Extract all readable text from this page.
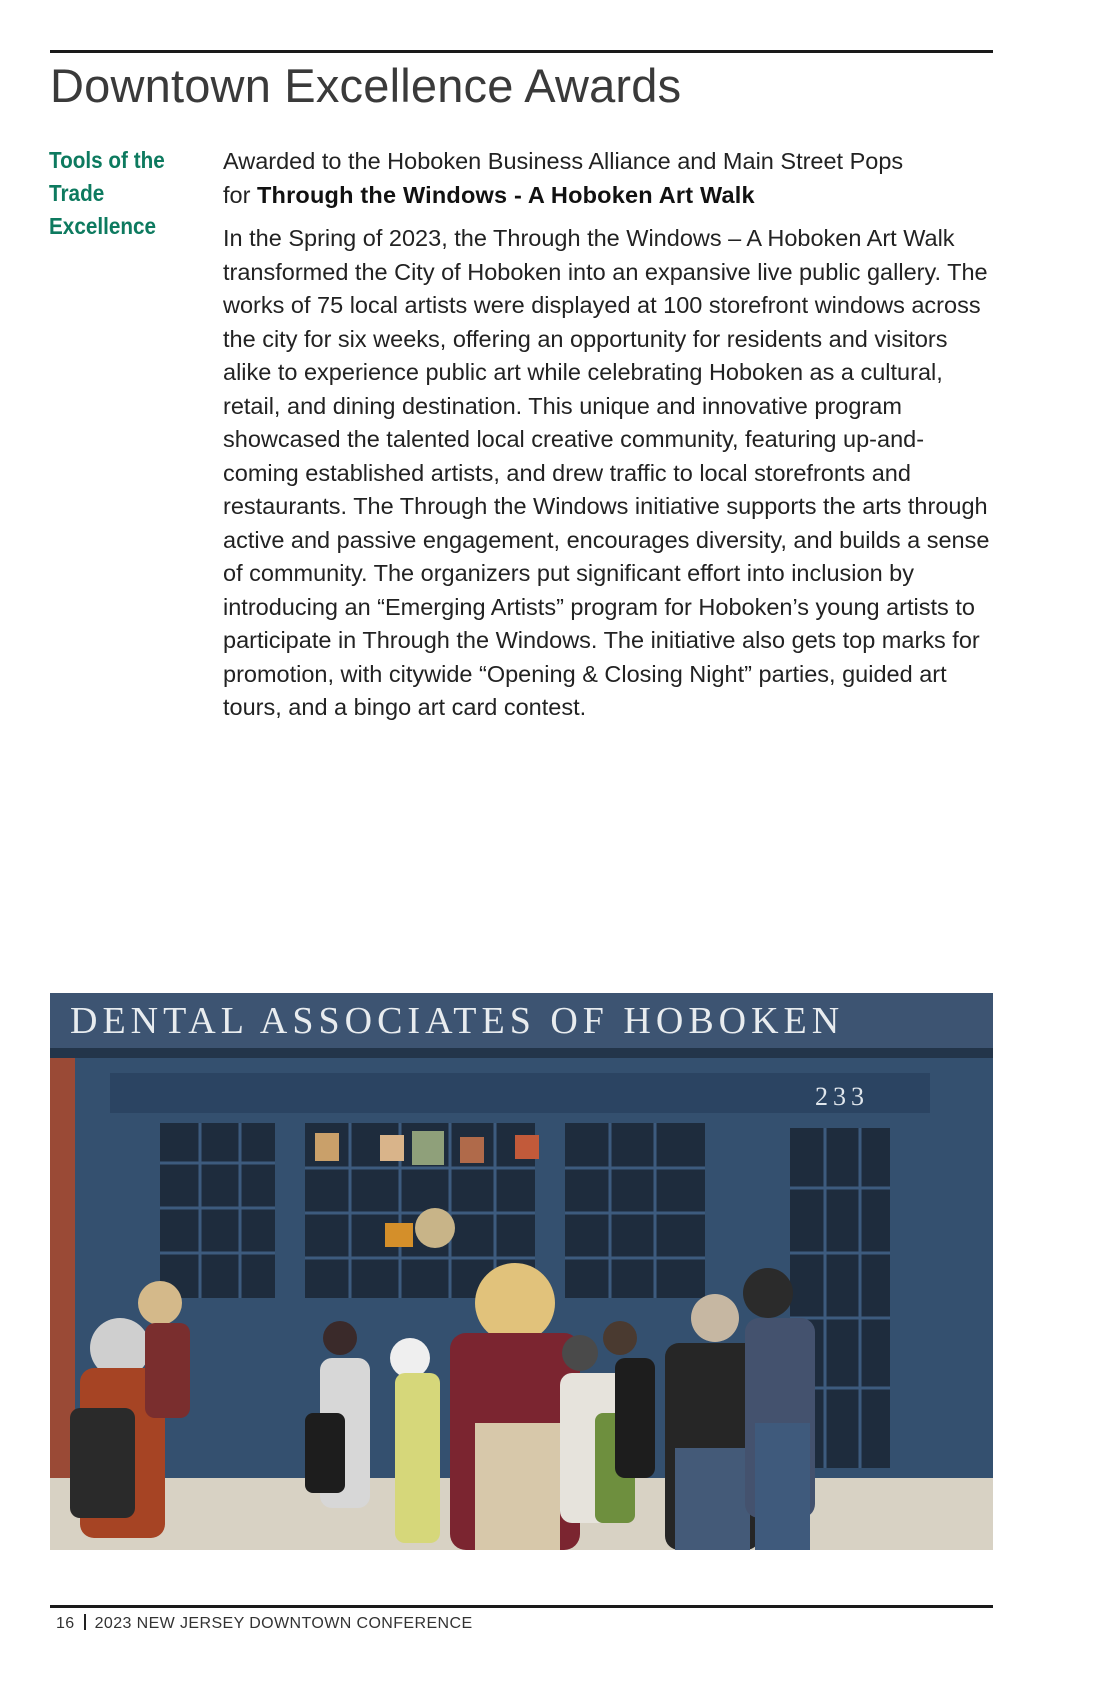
Downtown Excellence Awards
Tools of the
Trade
Excellence

Awarded to the Hoboken Business Alliance and Main Street Pops
for Through the Windows - A Hoboken Art Walk

In the Spring of 2023, the Through the Windows – A Hoboken Art Walk transformed the City of Hoboken into an expansive live public gallery. The works of 75 local artists were displayed at 100 storefront windows across the city for six weeks, offering an opportunity for residents and visitors alike to experience public art while celebrating Hoboken as a cultural, retail, and dining destination. This unique and innovative program showcased the talented local creative community, featuring up-and-coming established artists, and drew traffic to local storefronts and restaurants. The Through the Windows initiative supports the arts through active and passive engagement, encourages diversity, and builds a sense of community. The organizers put significant effort into inclusion by introducing an “Emerging Artists” program for Hoboken’s young artists to participate in Through the Windows. The initiative also gets top marks for promotion, with citywide “Opening & Closing Night” parties, guided art tours, and a bingo art card contest.

DENTAL ASSOCIATES OF HOBOKEN
233
16 2023 NEW JERSEY DOWNTOWN CONFERENCE
